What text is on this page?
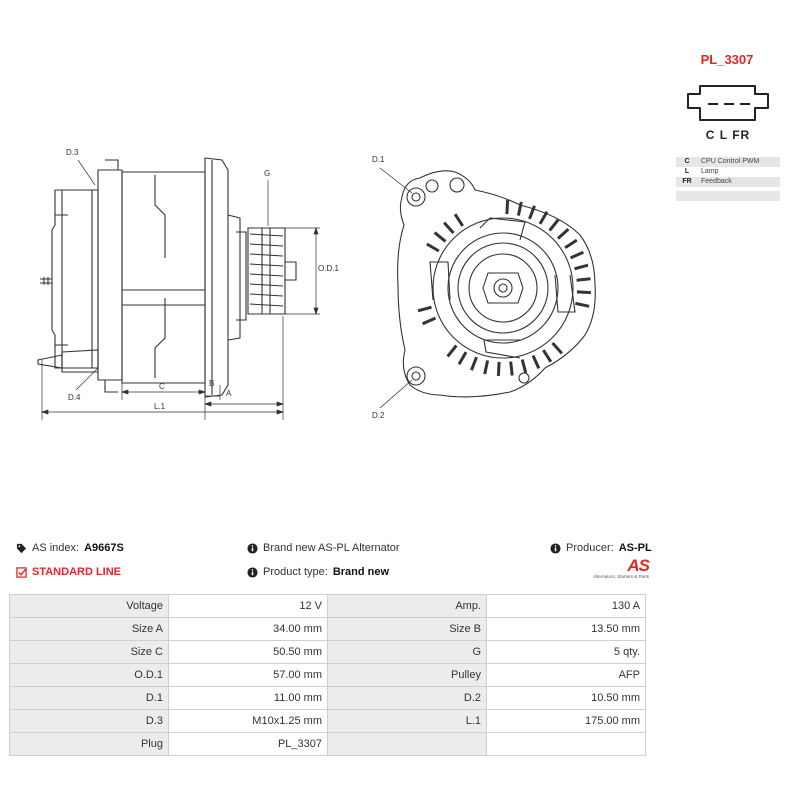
D.3
D.4
G
O.D.1
C	B
A
L.1
D.1
D.2
PL_3307
C L FR
C	CPU Control PWM
L	Lamp
FR	Feedback

AS index: A9667S
STANDARD LINE
Brand new AS-PL Alternator
Product type: Brand new
Producer: AS-PL
AS
Alternators, Starters & Parts
Voltage	12 V	Amp.	130 A
Size A	34.00 mm	Size B	13.50 mm
Size C	50.50 mm	G	5 qty.
O.D.1	57.00 mm	Pulley	AFP
D.1	11.00 mm	D.2	10.50 mm
D.3	M10x1.25 mm	L.1	175.00 mm
Plug	PL_3307		
